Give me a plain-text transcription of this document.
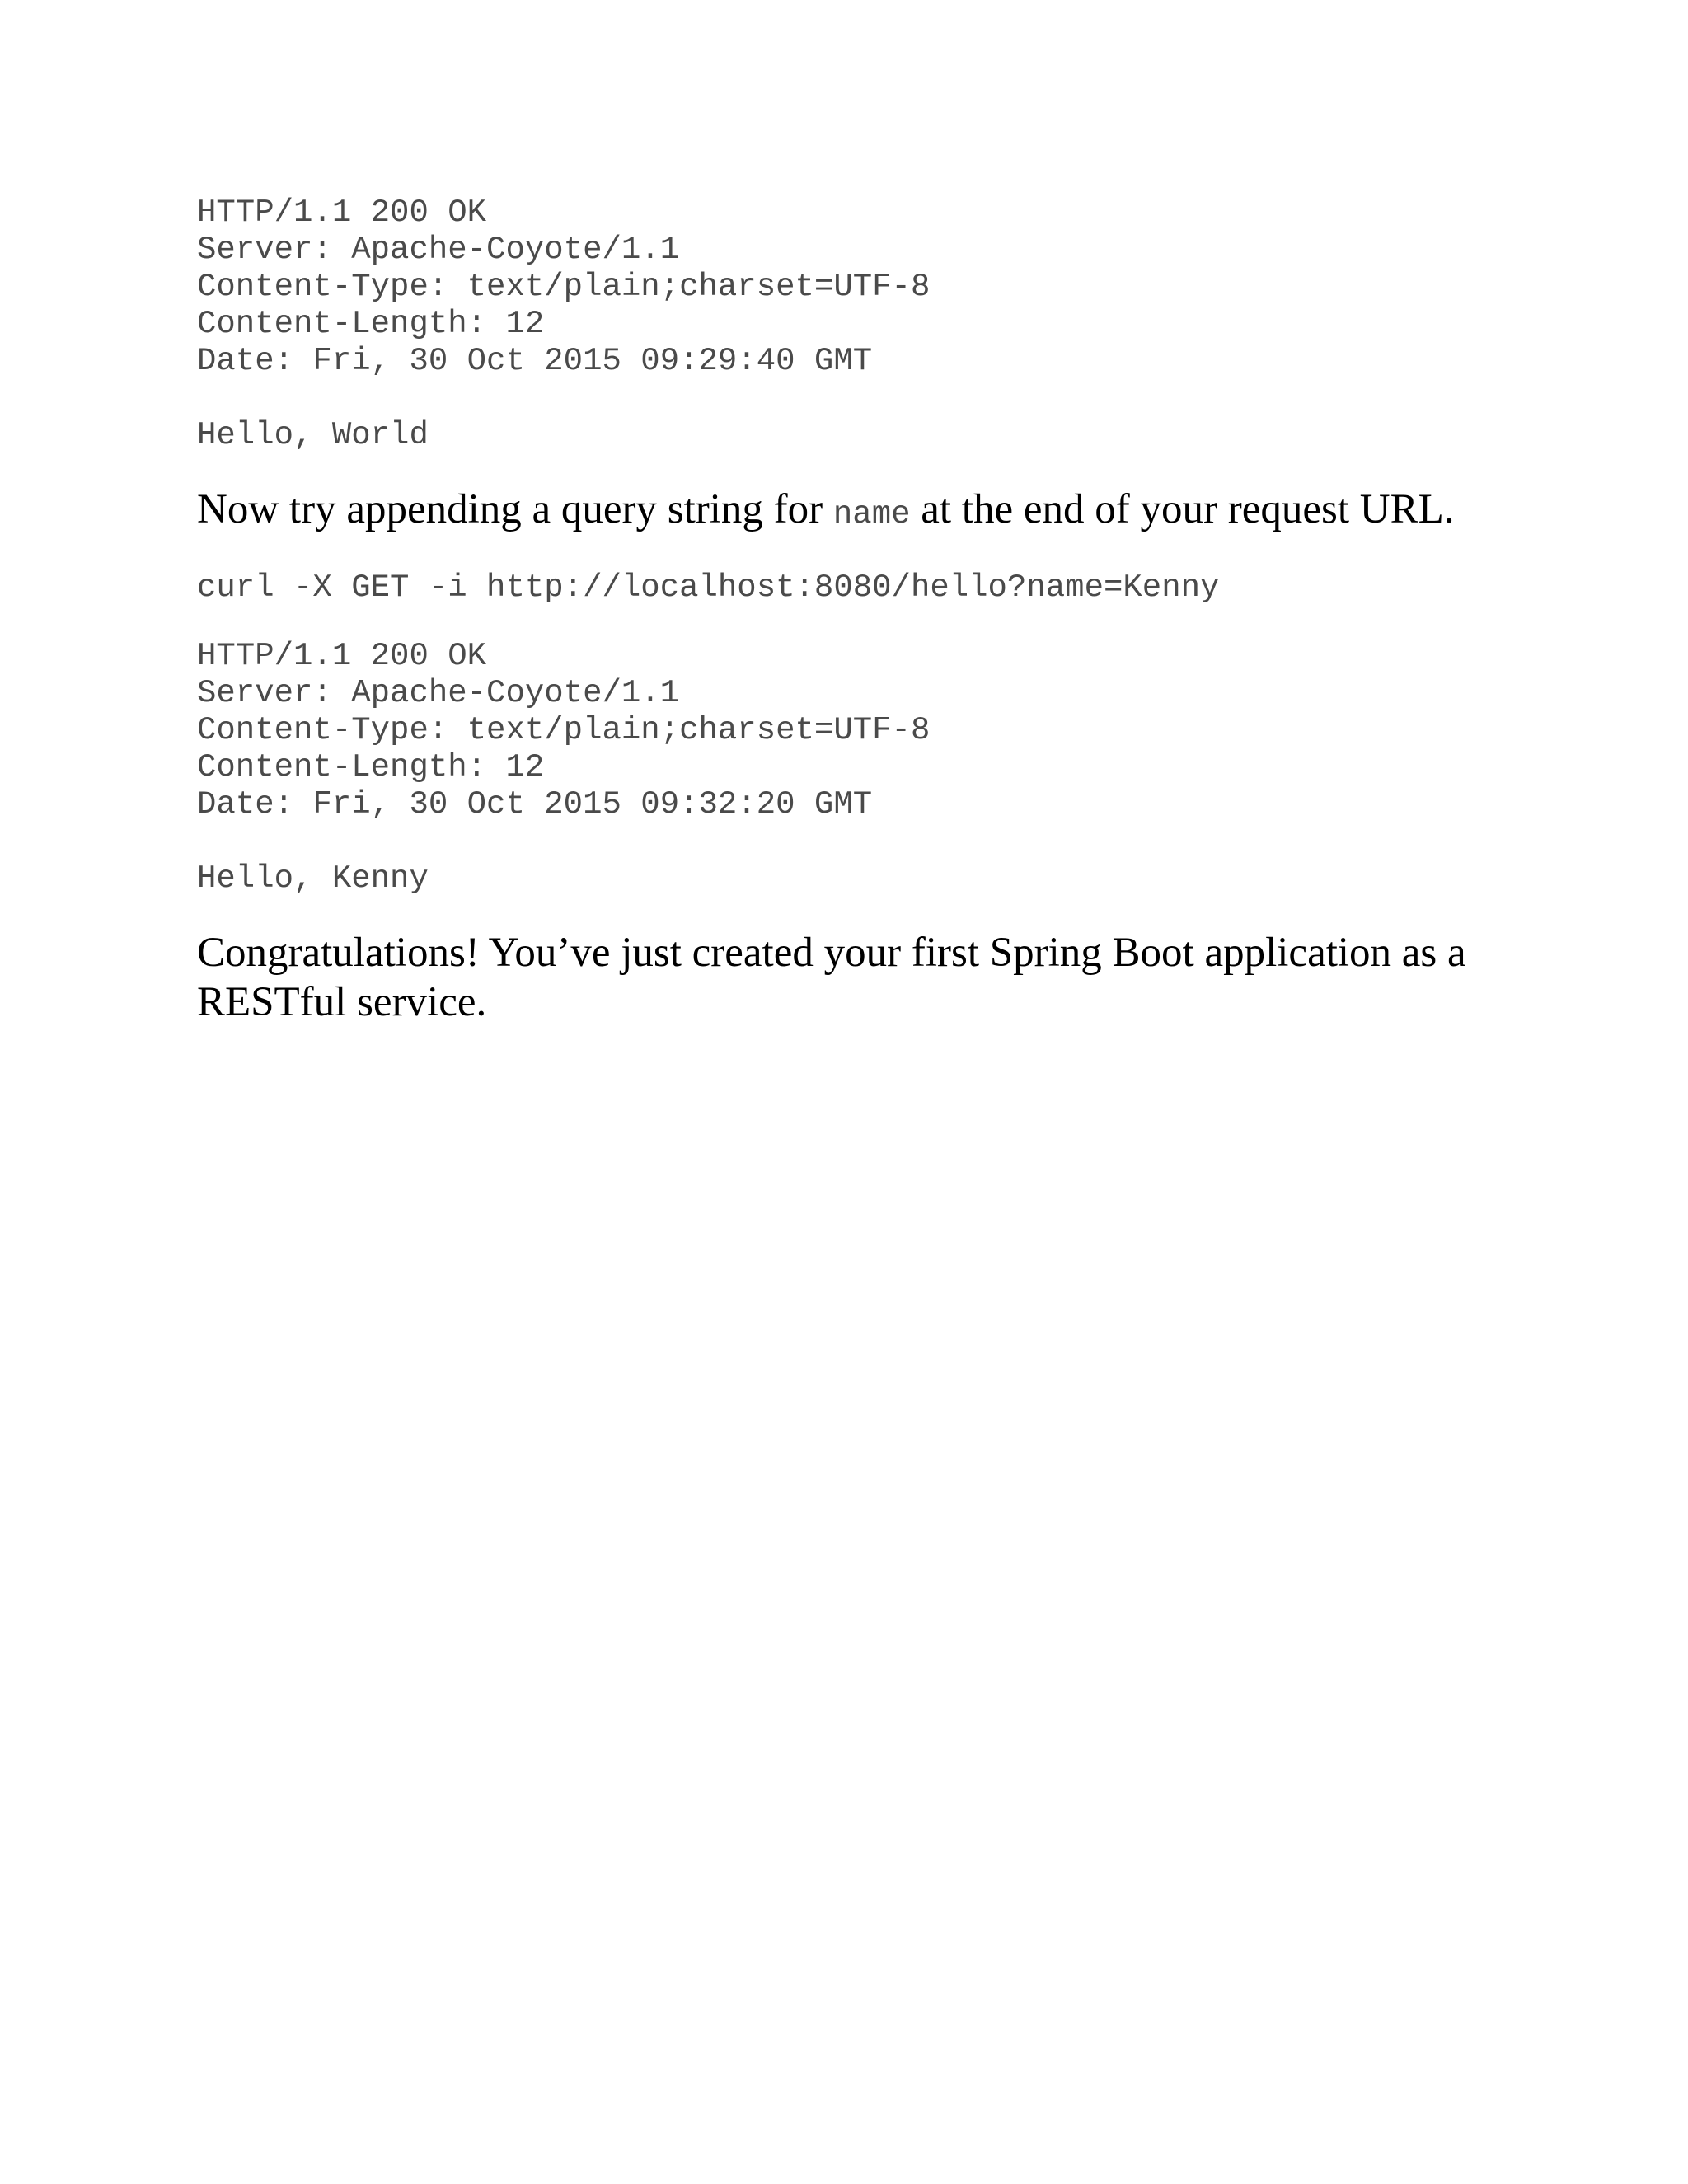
HTTP/1.1 200 OK
Server: Apache-Coyote/1.1
Content-Type: text/plain;charset=UTF-8
Content-Length: 12
Date: Fri, 30 Oct 2015 09:29:40 GMT
Hello, World

Now try appending a query string for name at the end of your request URL.

curl -X GET -i http://localhost:8080/hello?name=Kenny
HTTP/1.1 200 OK
Server: Apache-Coyote/1.1
Content-Type: text/plain;charset=UTF-8
Content-Length: 12
Date: Fri, 30 Oct 2015 09:32:20 GMT
Hello, Kenny

Congratulations! You’ve just created your first Spring Boot application as a
RESTful service.
